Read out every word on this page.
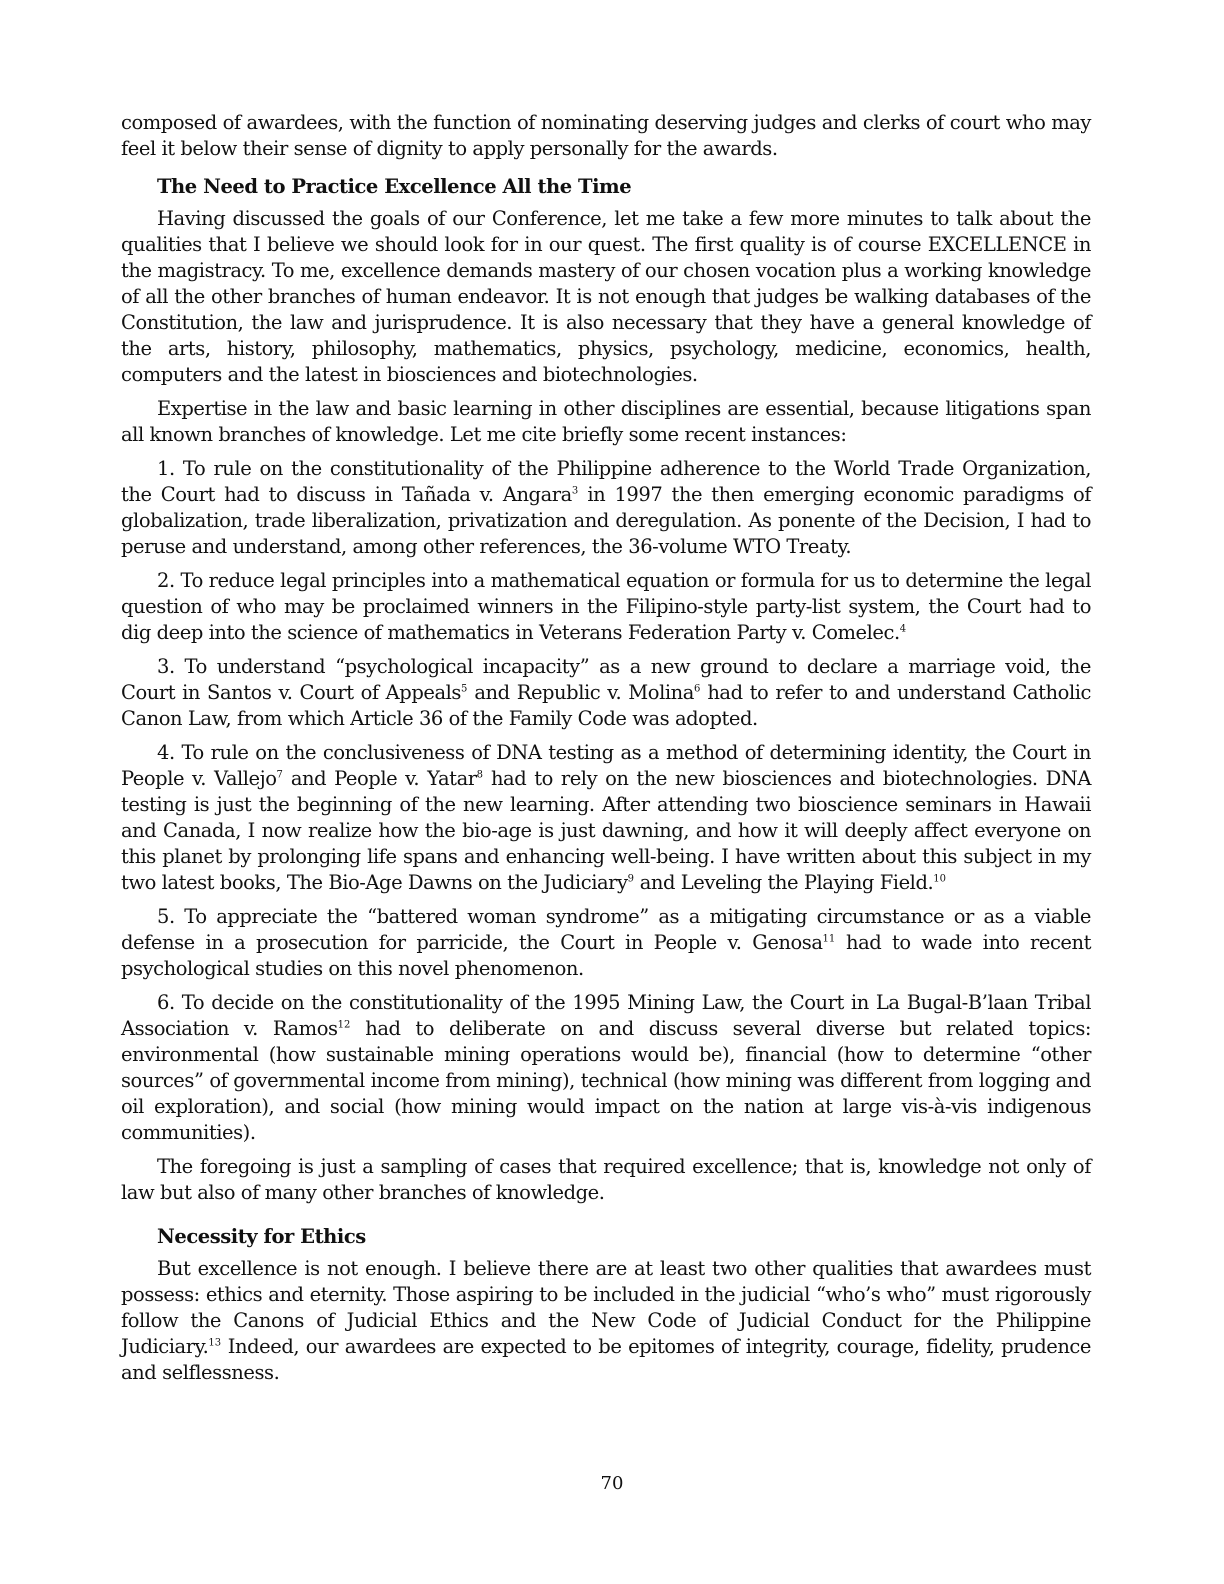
composed of awardees, with the function of nominating deserving judges and clerks of court who may feel it below their sense of dignity to apply personally for the awards.

The Need to Practice Excellence All the Time

Having discussed the goals of our Conference, let me take a few more minutes to talk about the qualities that I believe we should look for in our quest. The first quality is of course EXCELLENCE in the magistracy. To me, excellence demands mastery of our chosen vocation plus a working knowledge of all the other branches of human endeavor. It is not enough that judges be walking databases of the Constitution, the law and jurisprudence. It is also necessary that they have a general knowledge of the arts, history, philosophy, mathematics, physics, psychology, medicine, economics, health, computers and the latest in biosciences and biotechnologies.

Expertise in the law and basic learning in other disciplines are essential, because litigations span all known branches of knowledge. Let me cite briefly some recent instances:

1. To rule on the constitutionality of the Philippine adherence to the World Trade Organization, the Court had to discuss in Tañada v. Angara$^3$ in 1997 the then emerging economic paradigms of globalization, trade liberalization, privatization and deregulation. As ponente of the Decision, I had to peruse and understand, among other references, the 36-volume WTO Treaty.

2. To reduce legal principles into a mathematical equation or formula for us to determine the legal question of who may be proclaimed winners in the Filipino-style party-list system, the Court had to dig deep into the science of mathematics in Veterans Federation Party v. Comelec.$^4$

3. To understand “psychological incapacity” as a new ground to declare a marriage void, the Court in Santos v. Court of Appeals$^5$ and Republic v. Molina$^6$ had to refer to and understand Catholic Canon Law, from which Article 36 of the Family Code was adopted.

4. To rule on the conclusiveness of DNA testing as a method of determining identity, the Court in People v. Vallejo$^7$ and People v. Yatar$^8$ had to rely on the new biosciences and biotechnologies. DNA testing is just the beginning of the new learning. After attending two bioscience seminars in Hawaii and Canada, I now realize how the bio-age is just dawning, and how it will deeply affect everyone on this planet by prolonging life spans and enhancing well-being. I have written about this subject in my two latest books, The Bio-Age Dawns on the Judiciary$^9$ and Leveling the Playing Field.$^{10}$

5. To appreciate the “battered woman syndrome” as a mitigating circumstance or as a viable defense in a prosecution for parricide, the Court in People v. Genosa$^{11}$ had to wade into recent psychological studies on this novel phenomenon.

6. To decide on the constitutionality of the 1995 Mining Law, the Court in La Bugal-B’laan Tribal Association v. Ramos$^{12}$ had to deliberate on and discuss several diverse but related topics: environmental (how sustainable mining operations would be), financial (how to determine “other sources” of governmental income from mining), technical (how mining was different from logging and oil exploration), and social (how mining would impact on the nation at large vis-à-vis indigenous communities).

The foregoing is just a sampling of cases that required excellence; that is, knowledge not only of law but also of many other branches of knowledge.

Necessity for Ethics

But excellence is not enough. I believe there are at least two other qualities that awardees must possess: ethics and eternity. Those aspiring to be included in the judicial “who’s who” must rigorously follow the Canons of Judicial Ethics and the New Code of Judicial Conduct for the Philippine Judiciary.$^{13}$ Indeed, our awardees are expected to be epitomes of integrity, courage, fidelity, prudence and selflessness.

70
